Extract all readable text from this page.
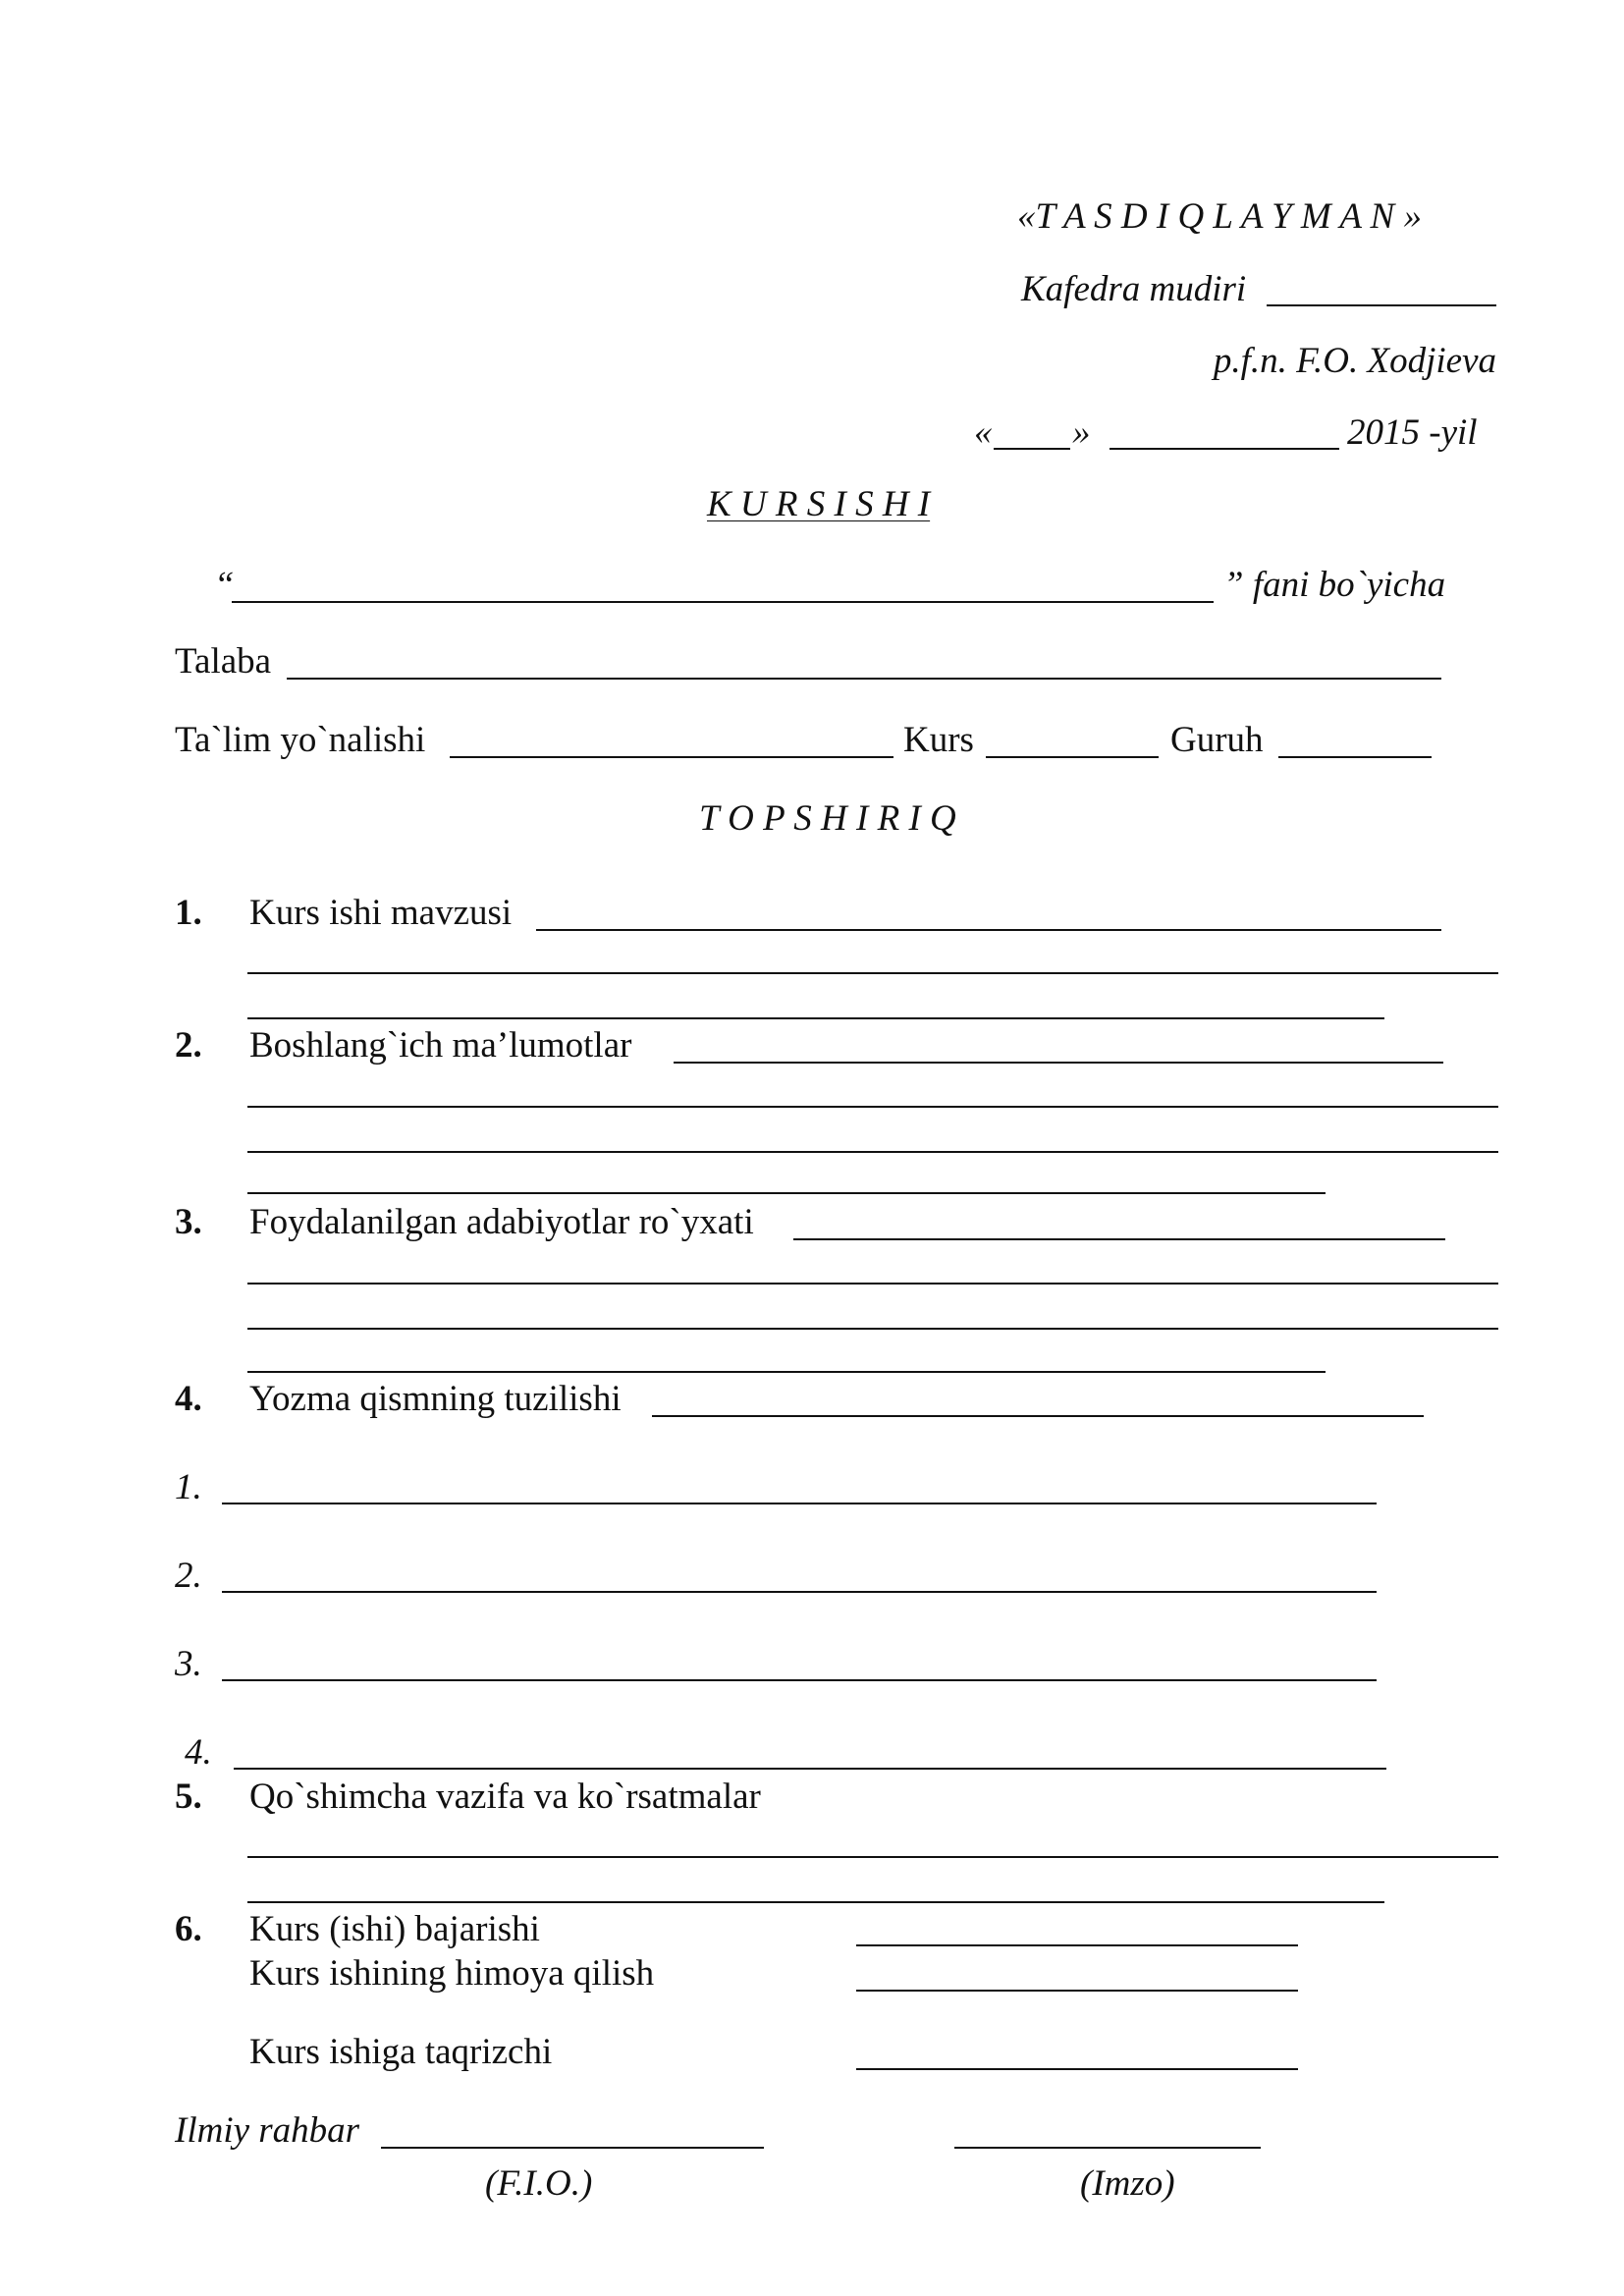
«T A S D I Q L A Y M A N »
Kafedra mudiri
p.f.n. F.O. Xodjieva
« »	2015 -yil
K U R S I S H I
“	” fani bo`yicha
Talaba
Ta`lim yo`nalishi	Kurs	Guruh
T O P S H I R I Q
1. Kurs ishi mavzusi
2. Boshlang`ich ma’lumotlar
3. Foydalanilgan adabiyotlar ro`yxati
4. Yozma qismning tuzilishi
1.
2.
3.
4.
5. Qo`shimcha vazifa va ko`rsatmalar
6. Kurs (ishi) bajarishi
Kurs ishining himoya qilish
Kurs ishiga taqrizchi
Ilmiy rahbar
(F.I.O.)	(Imzo)
